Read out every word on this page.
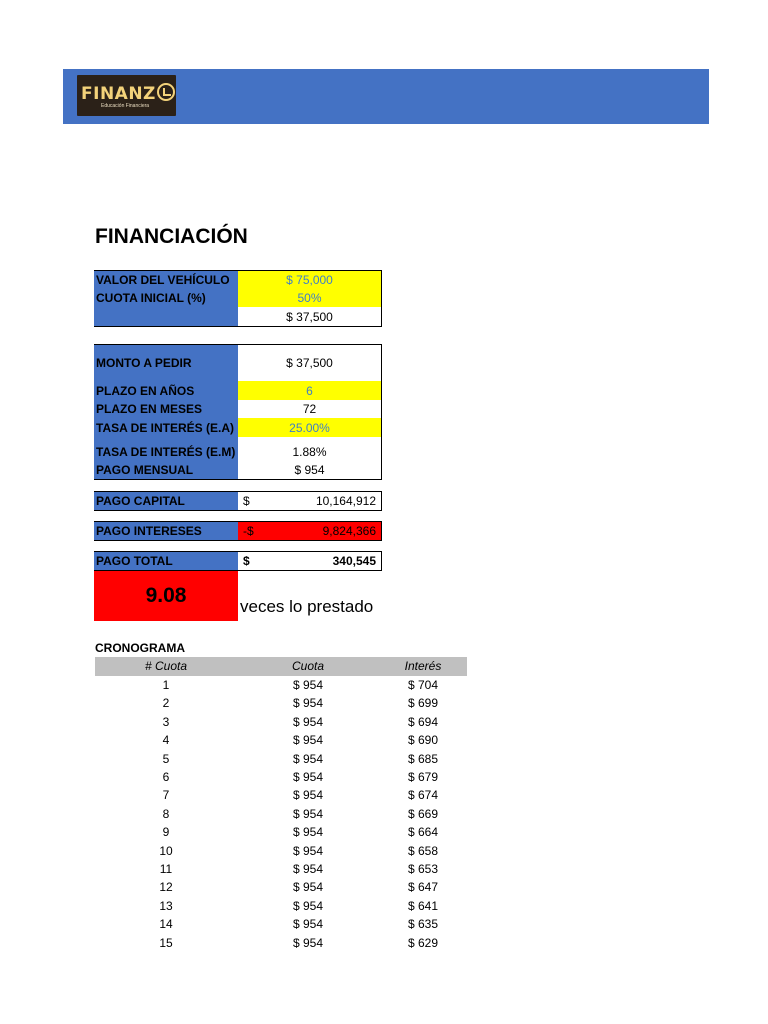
FINANZ
Educación Financiera
FINANCIACIÓN
VALOR DEL VEHÍCULO	$ 75,000
CUOTA INICIAL (%)	50%
$ 37,500
MONTO A PEDIR	$ 37,500
PLAZO EN AÑOS	6
PLAZO EN MESES	72
TASA DE INTERÉS (E.A)	25.00%
TASA DE INTERÉS (E.M)	1.88%
PAGO MENSUAL	$ 954
PAGO CAPITAL	$	10,164,912
PAGO INTERESES	-$	9,824,366
PAGO TOTAL	$	340,545
9.08	veces lo prestado
CRONOGRAMA
# Cuota	Cuota	Interés
1	$ 954	$ 704
2	$ 954	$ 699
3	$ 954	$ 694
4	$ 954	$ 690
5	$ 954	$ 685
6	$ 954	$ 679
7	$ 954	$ 674
8	$ 954	$ 669
9	$ 954	$ 664
10	$ 954	$ 658
11	$ 954	$ 653
12	$ 954	$ 647
13	$ 954	$ 641
14	$ 954	$ 635
15	$ 954	$ 629
